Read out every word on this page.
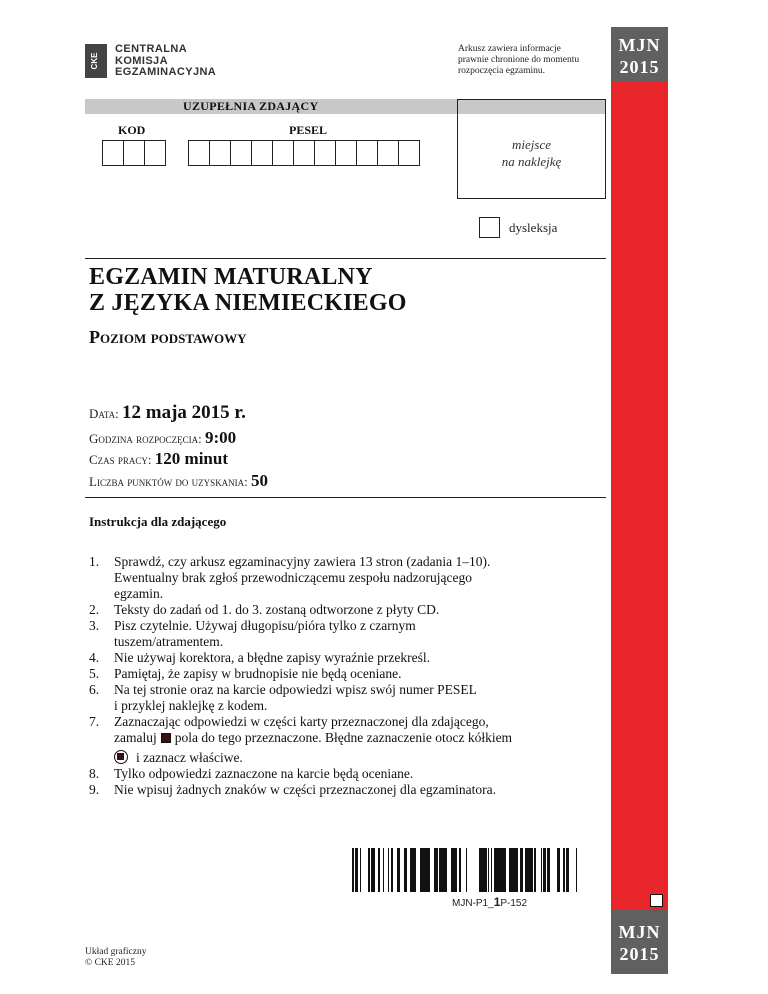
MJN
2015
MJN
2015
CKE
CENTRALNA
KOMISJA
EGZAMINACYJNA
Arkusz zawiera informacje
prawnie chronione do momentu
rozpoczęcia egzaminu.
UZUPEŁNIA ZDAJĄCY
KOD	PESEL
miejsce
na naklejkę
dysleksja
EGZAMIN MATURALNY
Z JĘZYKA NIEMIECKIEGO
Poziom podstawowy
Data: 12 maja 2015 r.
Godzina rozpoczęcia: 9:00
Czas pracy: 120 minut
Liczba punktów do uzyskania: 50
Instrukcja dla zdającego
1. Sprawdź, czy arkusz egzaminacyjny zawiera 13 stron (zadania 1–10).
Ewentualny brak zgłoś przewodniczącemu zespołu nadzorującego
egzamin.
2. Teksty do zadań od 1. do 3. zostaną odtworzone z płyty CD.
3. Pisz czytelnie. Używaj długopisu/pióra tylko z czarnym
tuszem/atramentem.
4. Nie używaj korektora, a błędne zapisy wyraźnie przekreśl.
5. Pamiętaj, że zapisy w brudnopisie nie będą oceniane.
6. Na tej stronie oraz na karcie odpowiedzi wpisz swój numer PESEL
i przyklej naklejkę z kodem.
7. Zaznaczając odpowiedzi w części karty przeznaczonej dla zdającego,
zamaluj pola do tego przeznaczone. Błędne zaznaczenie otocz kółkiem
i zaznacz właściwe.
8. Tylko odpowiedzi zaznaczone na karcie będą oceniane.
9. Nie wpisuj żadnych znaków w części przeznaczonej dla egzaminatora.
MJN-P1_1P-152
Układ graficzny
© CKE 2015
